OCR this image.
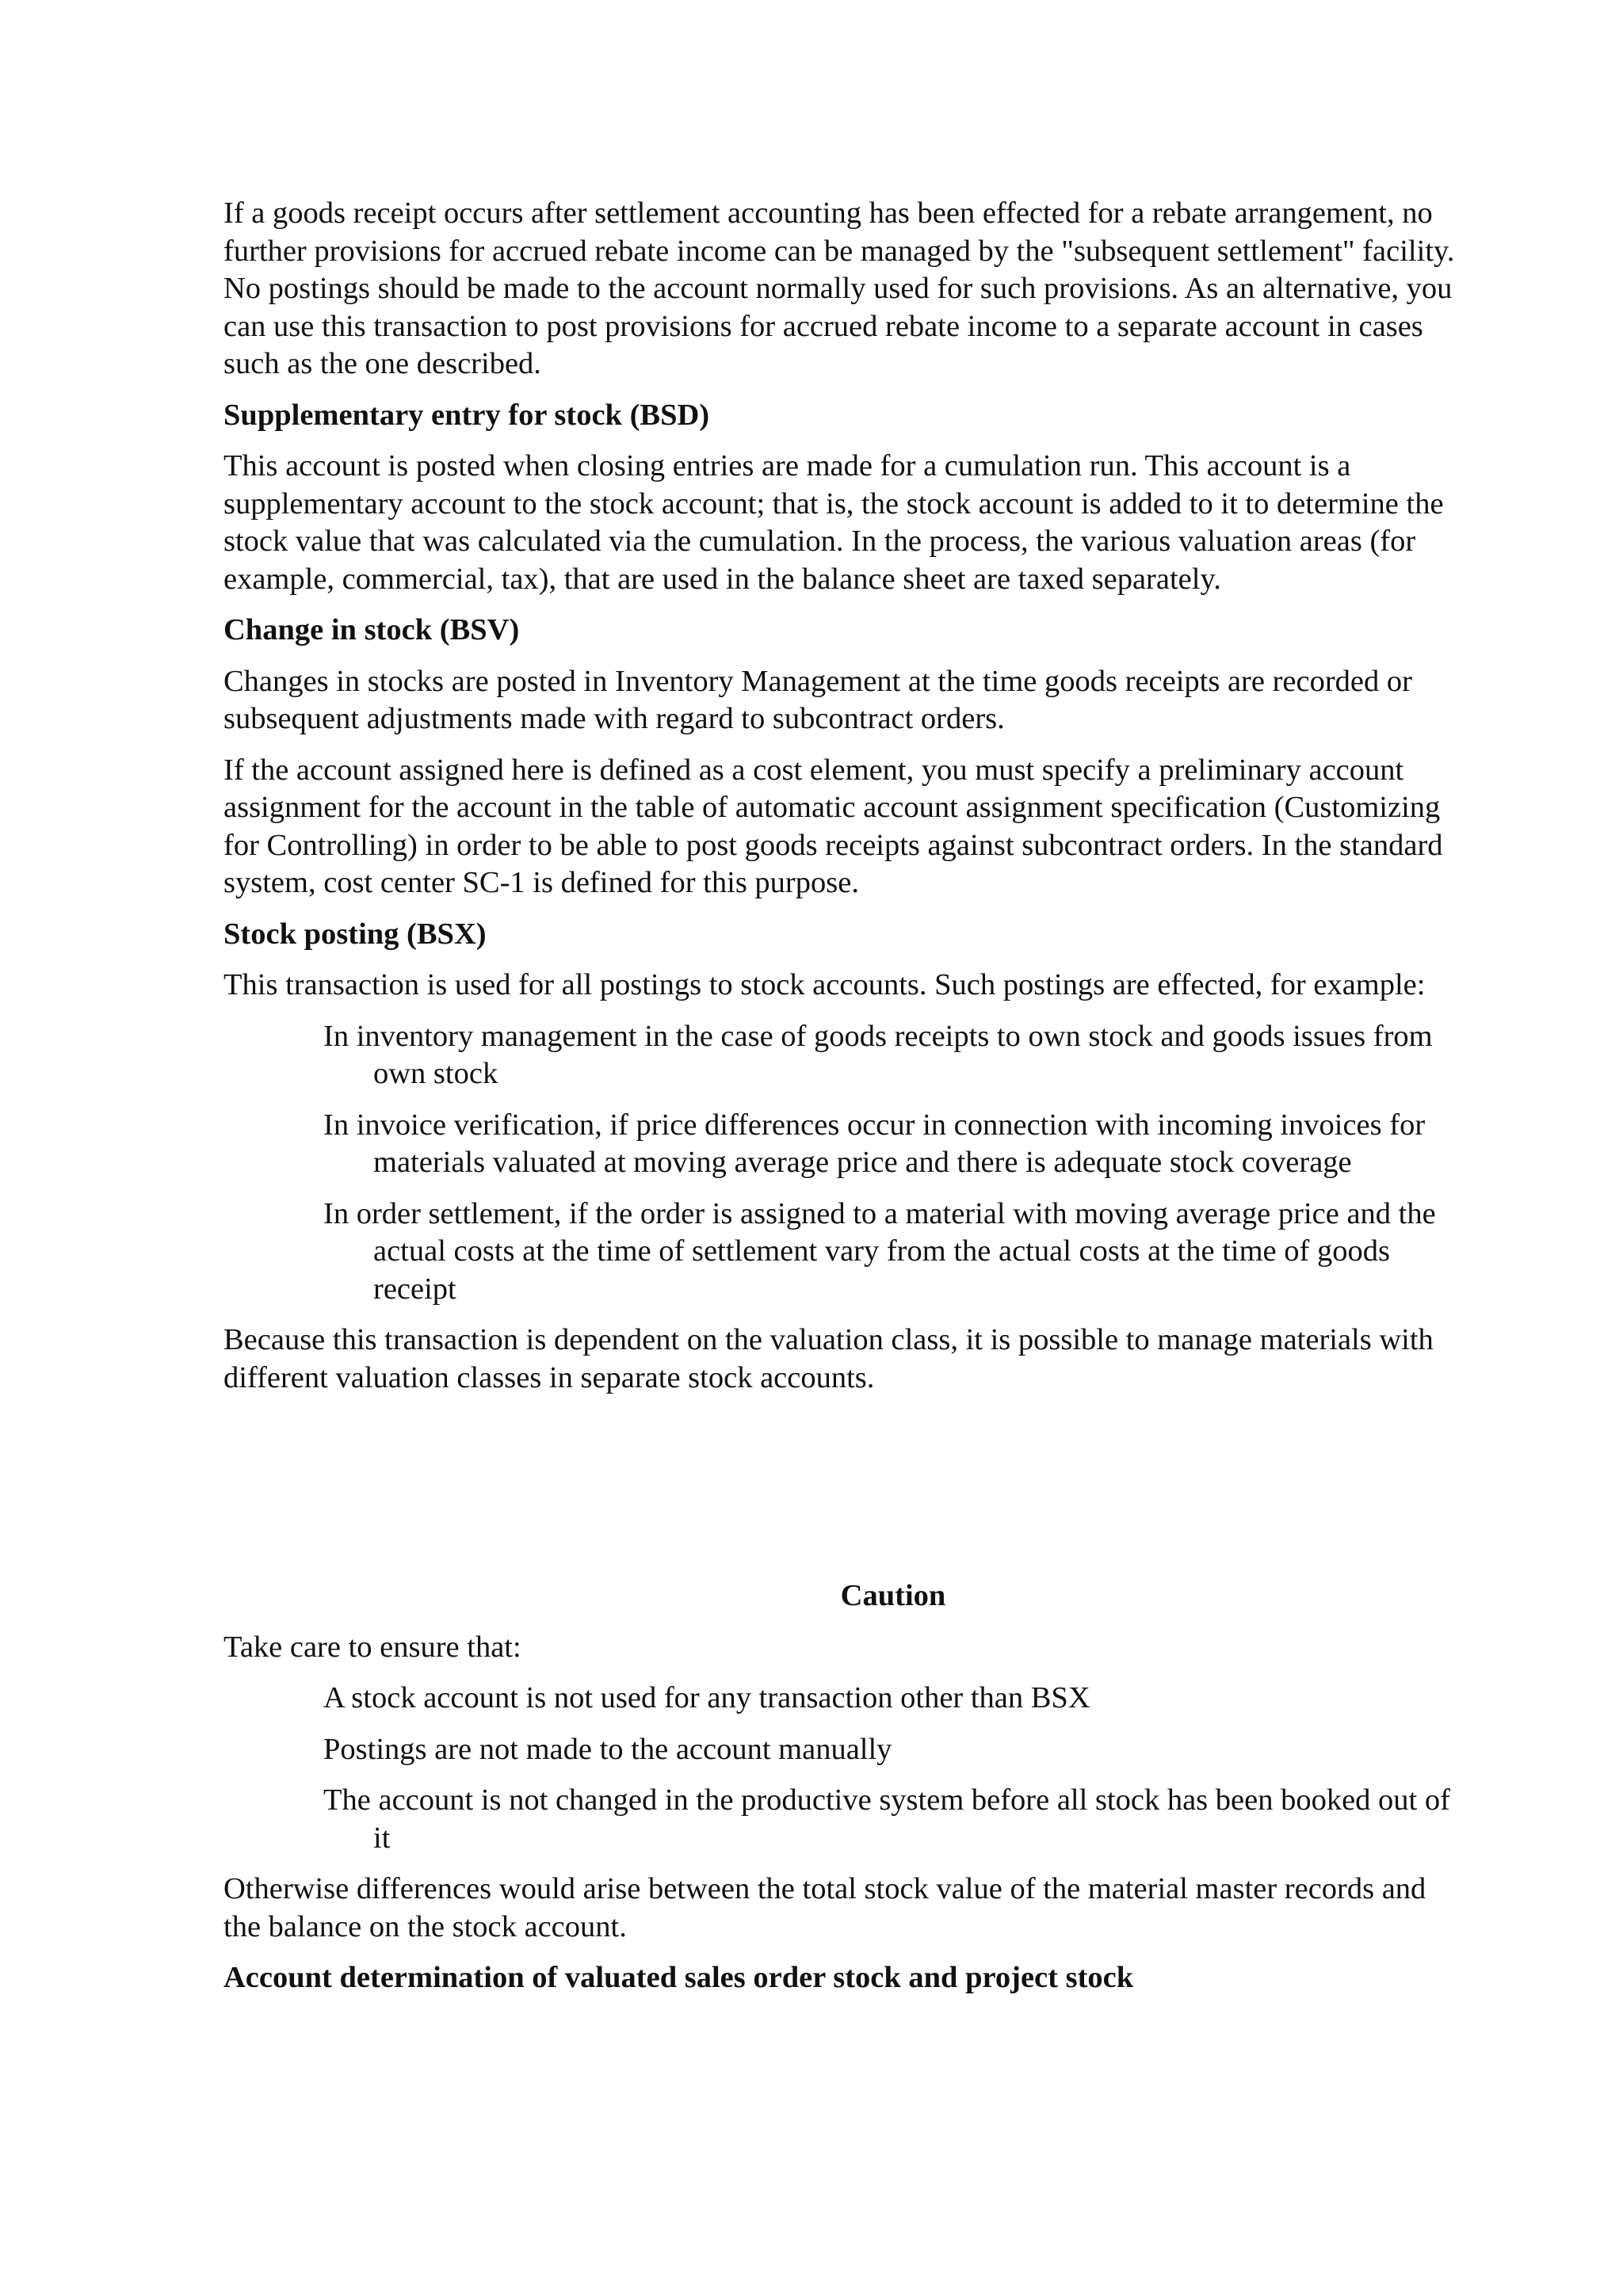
If a goods receipt occurs after settlement accounting has been effected for a rebate arrangement, no further provisions for accrued rebate income can be managed by the "subsequent settlement" facility. No postings should be made to the account normally used for such provisions. As an alternative, you can use this transaction to post provisions for accrued rebate income to a separate account in cases such as the one described.

Supplementary entry for stock (BSD)

This account is posted when closing entries are made for a cumulation run. This account is a supplementary account to the stock account; that is, the stock account is added to it to determine the stock value that was calculated via the cumulation. In the process, the various valuation areas (for example, commercial, tax), that are used in the balance sheet are taxed separately.

Change in stock (BSV)

Changes in stocks are posted in Inventory Management at the time goods receipts are recorded or subsequent adjustments made with regard to subcontract orders.

If the account assigned here is defined as a cost element, you must specify a preliminary account assignment for the account in the table of automatic account assignment specification (Customizing for Controlling) in order to be able to post goods receipts against subcontract orders. In the standard system, cost center SC-1 is defined for this purpose.

Stock posting (BSX)

This transaction is used for all postings to stock accounts. Such postings are effected, for example:

In inventory management in the case of goods receipts to own stock and goods issues from own stock
In invoice verification, if price differences occur in connection with incoming invoices for materials valuated at moving average price and there is adequate stock coverage
In order settlement, if the order is assigned to a material with moving average price and the actual costs at the time of settlement vary from the actual costs at the time of goods receipt

Because this transaction is dependent on the valuation class, it is possible to manage materials with different valuation classes in separate stock accounts.

Caution

Take care to ensure that:

A stock account is not used for any transaction other than BSX
Postings are not made to the account manually
The account is not changed in the productive system before all stock has been booked out of it

Otherwise differences would arise between the total stock value of the material master records and the balance on the stock account.

Account determination of valuated sales order stock and project stock
